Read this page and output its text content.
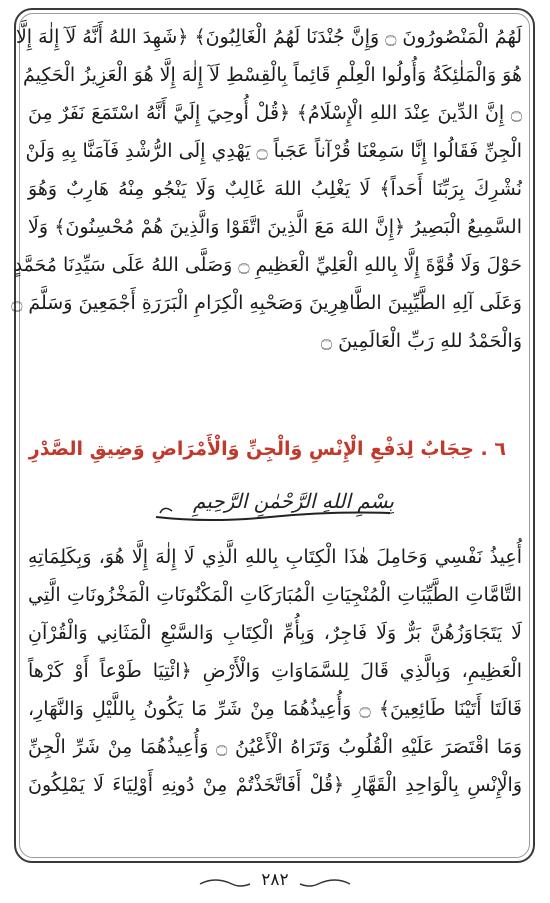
لَهُمُ الْمَنْصُورُونَ ۝ وَإِنَّ جُنْدَنَا لَهُمُ الْغَالِبُونَ﴾ ﴿شَهِدَ اللهُ أَنَّهُ لَآ إِلٰهَ إِلَّا
هُوَ وَالْمَلٰئِكَةُ وَأُولُوا الْعِلْمِ قَائِماً بِالْقِسْطِ لَآ إِلٰهَ إِلَّا هُوَ الْعَزِيزُ الْحَكِيمُ
۝ إِنَّ الدِّينَ عِنْدَ اللهِ الْإِسْلَامُ﴾ ﴿قُلْ أُوحِيَ إِلَيَّ أَنَّهُ اسْتَمَعَ نَفَرٌ مِنَ
الْجِنِّ فَقَالُوا إِنَّا سَمِعْنَا قُرْآناً عَجَباً ۝ يَهْدِي إِلَى الرُّشْدِ فَآمَنَّا بِهِ وَلَنْ
نُشْرِكَ بِرَبِّنَا أَحَداً﴾ لَا يَغْلِبُ اللهَ غَالِبٌ وَلَا يَنْجُو مِنْهُ هَارِبٌ وَهُوَ
السَّمِيعُ الْبَصِيرُ ﴿إِنَّ اللهَ مَعَ الَّذِينَ اتَّقَوْا وَالَّذِينَ هُمْ مُحْسِنُونَ﴾ وَلَا
حَوْلَ وَلَا قُوَّةَ إِلَّا بِاللهِ الْعَلِيِّ الْعَظِيمِ ۝ وَصَلَّى اللهُ عَلَى سَيِّدِنَا مُحَمَّدٍ
وَعَلَى آلِهِ الطَّيِّبِينَ الطَّاهِرِينَ وَصَحْبِهِ الْكِرَامِ الْبَرَرَةِ أَجْمَعِينَ وَسَلَّمَ ۝
وَالْحَمْدُ للهِ رَبِّ الْعَالَمِينَ ۝
٦ . حِجَابٌ لِدَفْعِ الْإِنْسِ وَالْجِنِّ وَالْأَمْرَاضِ وَضِيقِ الصَّدْرِ
بِسْمِ اللهِ الرَّحْمٰنِ الرَّحِيمِ
أُعِيذُ نَفْسِي وَحَامِلَ هٰذَا الْكِتَابِ بِاللهِ الَّذِي لَا إِلٰهَ إِلَّا هُوَ، وَبِكَلِمَاتِهِ
التَّامَّاتِ الطَّيِّبَاتِ الْمُنْجِيَاتِ الْمُبَارَكَاتِ الْمَكْنُونَاتِ الْمَخْزُونَاتِ الَّتِي
لَا يَتَجَاوَزُهُنَّ بَرٌّ وَلَا فَاجِرٌ، وَبِأُمِّ الْكِتَابِ وَالسَّبْعِ الْمَثَانِي وَالْقُرْآنِ
الْعَظِيمِ، وَبِالَّذِي قَالَ لِلسَّمَاوَاتِ وَالْأَرْضِ ﴿ائْتِيَا طَوْعاً أَوْ كَرْهاً
قَالَتَا أَتَيْنَا طَائِعِينَ﴾ ۝ وَأُعِيذُهُمَا مِنْ شَرِّ مَا يَكُونُ بِاللَّيْلِ وَالنَّهَارِ،
وَمَا اقْتَصَرَ عَلَيْهِ الْقُلُوبُ وَتَرَاهُ الْأَعْيُنُ ۝ وَأُعِيذُهُمَا مِنْ شَرِّ الْجِنِّ
وَالْإِنْسِ بِالْوَاحِدِ الْقَهَّارِ ﴿قُلْ أَفَاتَّخَذْتُمْ مِنْ دُونِهِ أَوْلِيَاءَ لَا يَمْلِكُونَ
٢٨٢
